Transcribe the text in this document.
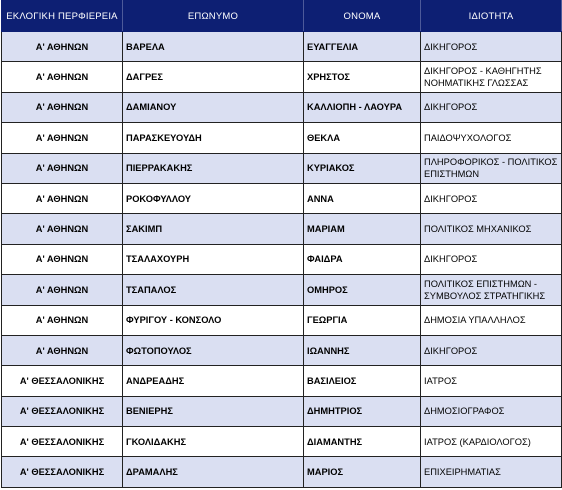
ΕΚΛΟΓΙΚΗ ΠΕΡΦΙΕΡΕΙΑ	ΕΠΩΝΥΜΟ	ΟΝΟΜΑ	ΙΔΙΟΤΗΤΑ
Α' ΑΘΗΝΩΝ	ΒΑΡΕΛΑ	ΕΥΑΓΓΕΛΙΑ	ΔΙΚΗΓΟΡΟΣ
Α' ΑΘΗΝΩΝ	ΔΑΓΡΕΣ	ΧΡΗΣΤΟΣ	ΔΙΚΗΓΟΡΟΣ - ΚΑΘΗΓΗΤΗΣ ΝΟΗΜΑΤΙΚΗΣ ΓΛΩΣΣΑΣ
Α' ΑΘΗΝΩΝ	ΔΑΜΙΑΝΟΥ	ΚΑΛΛΙΟΠΗ - ΛΑΟΥΡΑ	ΔΙΚΗΓΟΡΟΣ
Α' ΑΘΗΝΩΝ	ΠΑΡΑΣΚΕΥΟΥΔΗ	ΘΕΚΛΑ	ΠΑΙΔΟΨΥΧΟΛΟΓΟΣ
Α' ΑΘΗΝΩΝ	ΠΙΕΡΡΑΚΑΚΗΣ	ΚΥΡΙΑΚΟΣ	ΠΛΗΡΟΦΟΡΙΚΟΣ - ΠΟΛΙΤΙΚΟΣ ΕΠΙΣΤΗΜΩΝ
Α' ΑΘΗΝΩΝ	ΡΟΚΟΦΥΛΛΟΥ	ΑΝΝΑ	ΔΙΚΗΓΟΡΟΣ
Α' ΑΘΗΝΩΝ	ΣΑΚΙΜΠ	ΜΑΡΙΑΜ	ΠΟΛΙΤΙΚΟΣ ΜΗΧΑΝΙΚΟΣ
Α' ΑΘΗΝΩΝ	ΤΣΑΛΑΧΟΥΡΗ	ΦΑΙΔΡΑ	ΔΙΚΗΓΟΡΟΣ
Α' ΑΘΗΝΩΝ	ΤΣΑΠΑΛΟΣ	ΟΜΗΡΟΣ	ΠΟΛΙΤΙΚΟΣ ΕΠΙΣΤΗΜΩΝ - ΣΥΜΒΟΥΛΟΣ ΣΤΡΑΤΗΓΙΚΗΣ
Α' ΑΘΗΝΩΝ	ΦΥΡΙΓΟΥ - ΚΟΝΣΟΛΟ	ΓΕΩΡΓΙΑ	ΔΗΜΟΣΙΑ ΥΠΑΛΛΗΛΟΣ
Α' ΑΘΗΝΩΝ	ΦΩΤΟΠΟΥΛΟΣ	ΙΩΑΝΝΗΣ	ΔΙΚΗΓΟΡΟΣ
Α' ΘΕΣΣΑΛΟΝΙΚΗΣ	ΑΝΔΡΕΑΔΗΣ	ΒΑΣΙΛΕΙΟΣ	ΙΑΤΡΟΣ
Α' ΘΕΣΣΑΛΟΝΙΚΗΣ	ΒΕΝΙΕΡΗΣ	ΔΗΜΗΤΡΙΟΣ	ΔΗΜΟΣΙΟΓΡΑΦΟΣ
Α' ΘΕΣΣΑΛΟΝΙΚΗΣ	ΓΚΟΛΙΔΑΚΗΣ	ΔΙΑΜΑΝΤΗΣ	ΙΑΤΡΟΣ (ΚΑΡΔΙΟΛΟΓΟΣ)
Α' ΘΕΣΣΑΛΟΝΙΚΗΣ	ΔΡΑΜΑΛΗΣ	ΜΑΡΙΟΣ	ΕΠΙΧΕΙΡΗΜΑΤΙΑΣ
